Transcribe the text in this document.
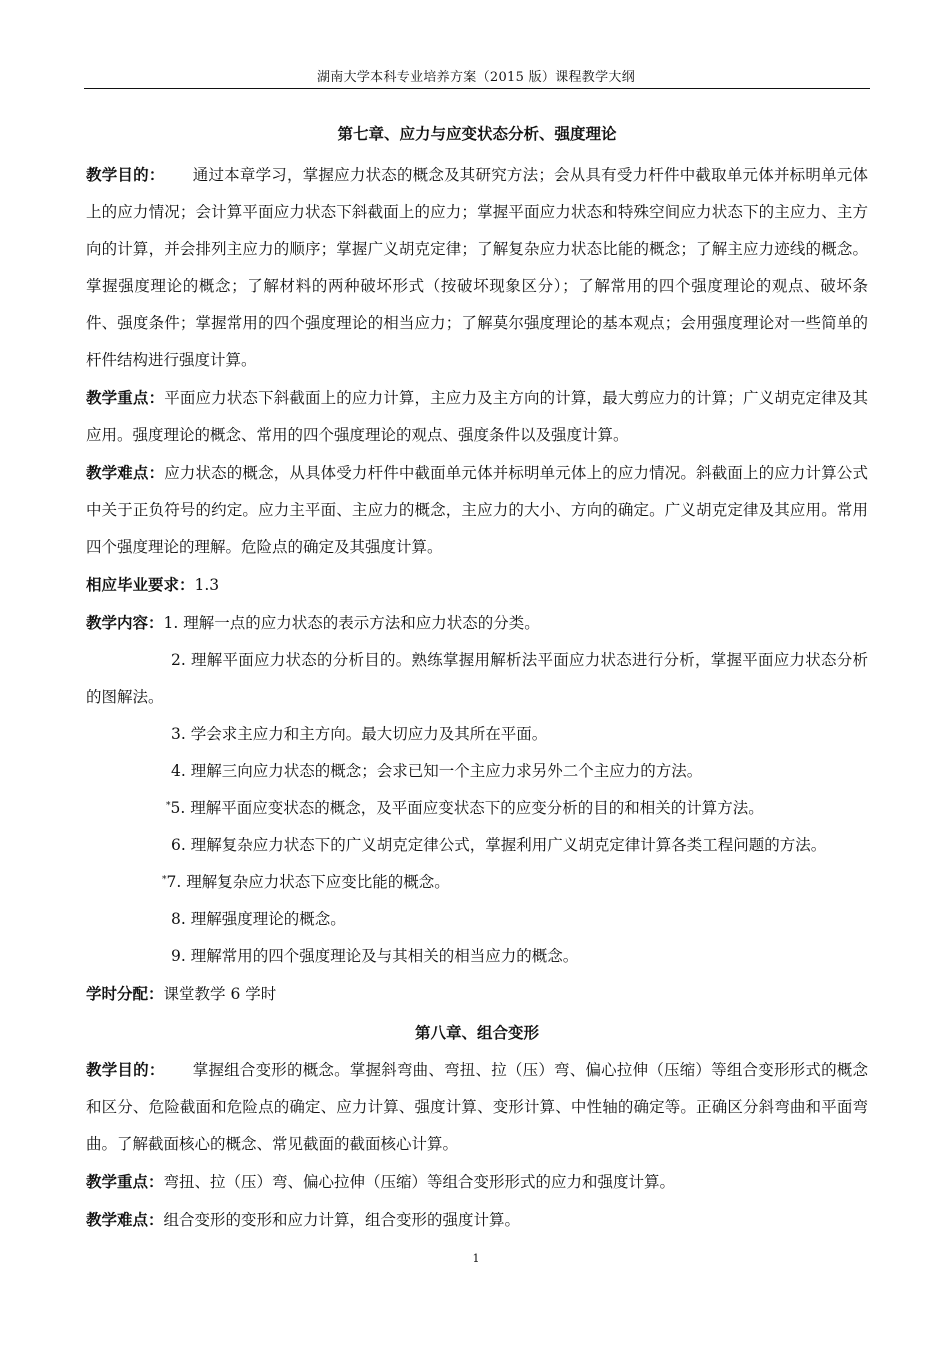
湖南大学本科专业培养方案（2015 版）课程教学大纲
第七章、应力与应变状态分析、强度理论

教学目的： 通过本章学习，掌握应力状态的概念及其研究方法；会从具有受力杆件中截取单元体并标明单元体上的应力情况；会计算平面应力状态下斜截面上的应力；掌握平面应力状态和特殊空间应力状态下的主应力、主方向的计算，并会排列主应力的顺序；掌握广义胡克定律；了解复杂应力状态比能的概念；了解主应力迹线的概念。掌握强度理论的概念；了解材料的两种破坏形式（按破坏现象区分）；了解常用的四个强度理论的观点、破坏条件、强度条件；掌握常用的四个强度理论的相当应力；了解莫尔强度理论的基本观点；会用强度理论对一些简单的杆件结构进行强度计算。

教学重点：平面应力状态下斜截面上的应力计算，主应力及主方向的计算，最大剪应力的计算；广义胡克定律及其应用。强度理论的概念、常用的四个强度理论的观点、强度条件以及强度计算。

教学难点：应力状态的概念，从具体受力杆件中截面单元体并标明单元体上的应力情况。斜截面上的应力计算公式中关于正负符号的约定。应力主平面、主应力的概念，主应力的大小、方向的确定。广义胡克定律及其应用。常用四个强度理论的理解。危险点的确定及其强度计算。

相应毕业要求：1.3

教学内容：1. 理解一点的应力状态的表示方法和应力状态的分类。

2. 理解平面应力状态的分析目的。熟练掌握用解析法平面应力状态进行分析，掌握平面应力状态分析的图解法。

3. 学会求主应力和主方向。最大切应力及其所在平面。

4. 理解三向应力状态的概念；会求已知一个主应力求另外二个主应力的方法。

*5. 理解平面应变状态的概念，及平面应变状态下的应变分析的目的和相关的计算方法。

6. 理解复杂应力状态下的广义胡克定律公式，掌握利用广义胡克定律计算各类工程问题的方法。

*7. 理解复杂应力状态下应变比能的概念。

8. 理解强度理论的概念。

9. 理解常用的四个强度理论及与其相关的相当应力的概念。

学时分配：课堂教学 6 学时

第八章、组合变形

教学目的： 掌握组合变形的概念。掌握斜弯曲、弯扭、拉（压）弯、偏心拉伸（压缩）等组合变形形式的概念和区分、危险截面和危险点的确定、应力计算、强度计算、变形计算、中性轴的确定等。正确区分斜弯曲和平面弯曲。了解截面核心的概念、常见截面的截面核心计算。

教学重点：弯扭、拉（压）弯、偏心拉伸（压缩）等组合变形形式的应力和强度计算。

教学难点：组合变形的变形和应力计算，组合变形的强度计算。

1
